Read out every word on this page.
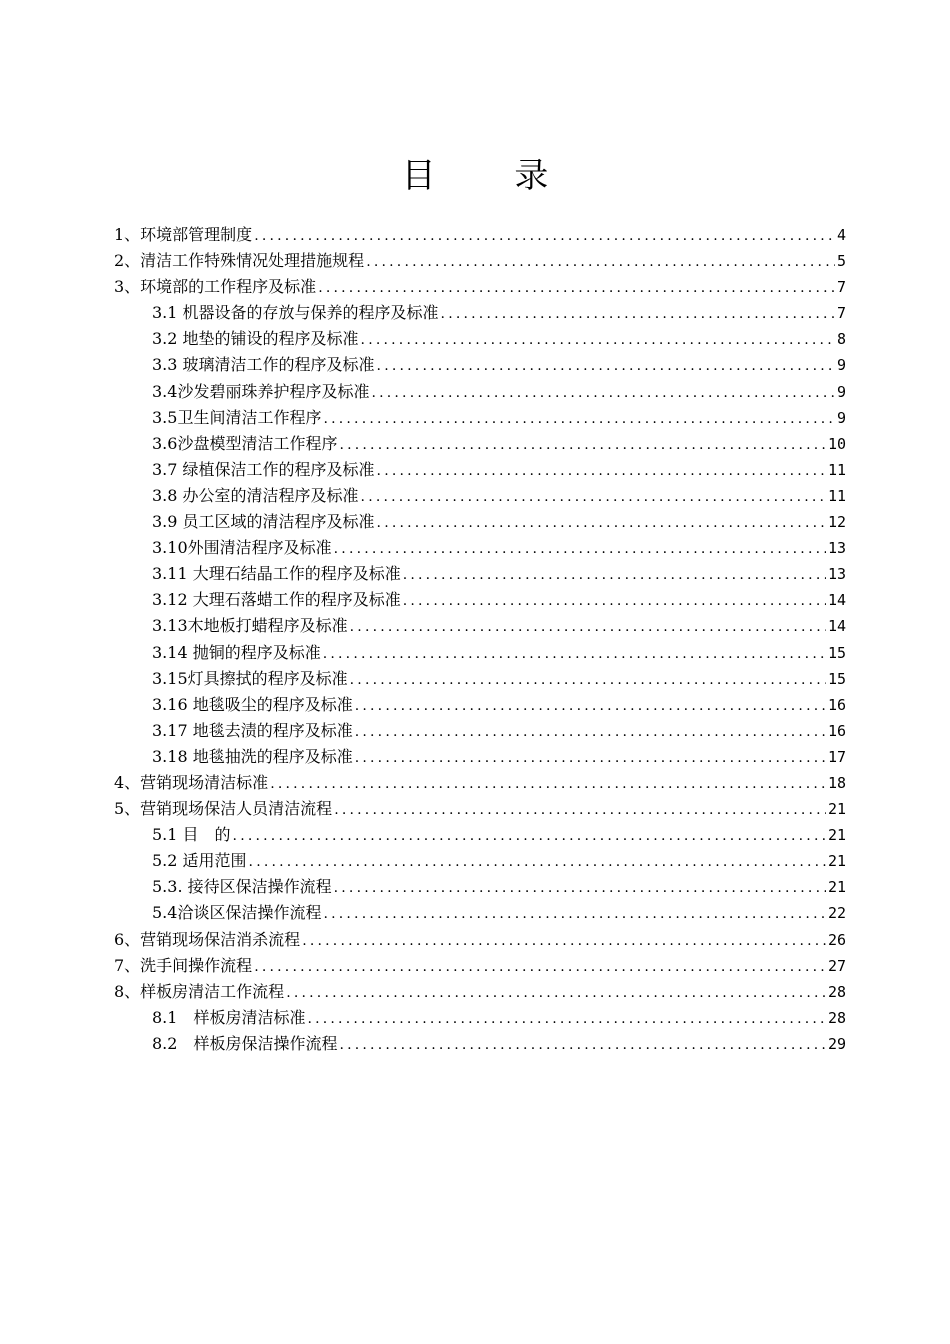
目 录
1、环境部管理制度 .....	4
2、清洁工作特殊情况处理措施规程 .....	5
3、环境部的工作程序及标准 .....	7
3.1 机器设备的存放与保养的程序及标准 .....	7
3.2 地垫的铺设的程序及标准 .....	8
3.3 玻璃清洁工作的程序及标准 .....	9
3.4沙发碧丽珠养护程序及标准 .....	9
3.5卫生间清洁工作程序 .....	9
3.6沙盘模型清洁工作程序 .....	10
3.7 绿植保洁工作的程序及标准 .....	11
3.8 办公室的清洁程序及标准 .....	11
3.9 员工区域的清洁程序及标准 .....	12
3.10外围清洁程序及标准 .....	13
3.11 大理石结晶工作的程序及标准 .....	13
3.12 大理石落蜡工作的程序及标准 .....	14
3.13木地板打蜡程序及标准 .....	14
3.14 抛铜的程序及标准 .....	15
3.15灯具擦拭的程序及标准 .....	15
3.16 地毯吸尘的程序及标准 .....	16
3.17 地毯去渍的程序及标准 .....	16
3.18 地毯抽洗的程序及标准 .....	17
4、营销现场清洁标准 .....	18
5、营销现场保洁人员清洁流程 .....	21
5.1 目　的 .....	21
5.2 适用范围 .....	21
5.3. 接待区保洁操作流程 .....	21
5.4洽谈区保洁操作流程 .....	22
6、营销现场保洁消杀流程 .....	26
7、洗手间操作流程 .....	27
8、样板房清洁工作流程 .....	28
8.1　样板房清洁标准 .....	28
8.2　样板房保洁操作流程 .....	29
